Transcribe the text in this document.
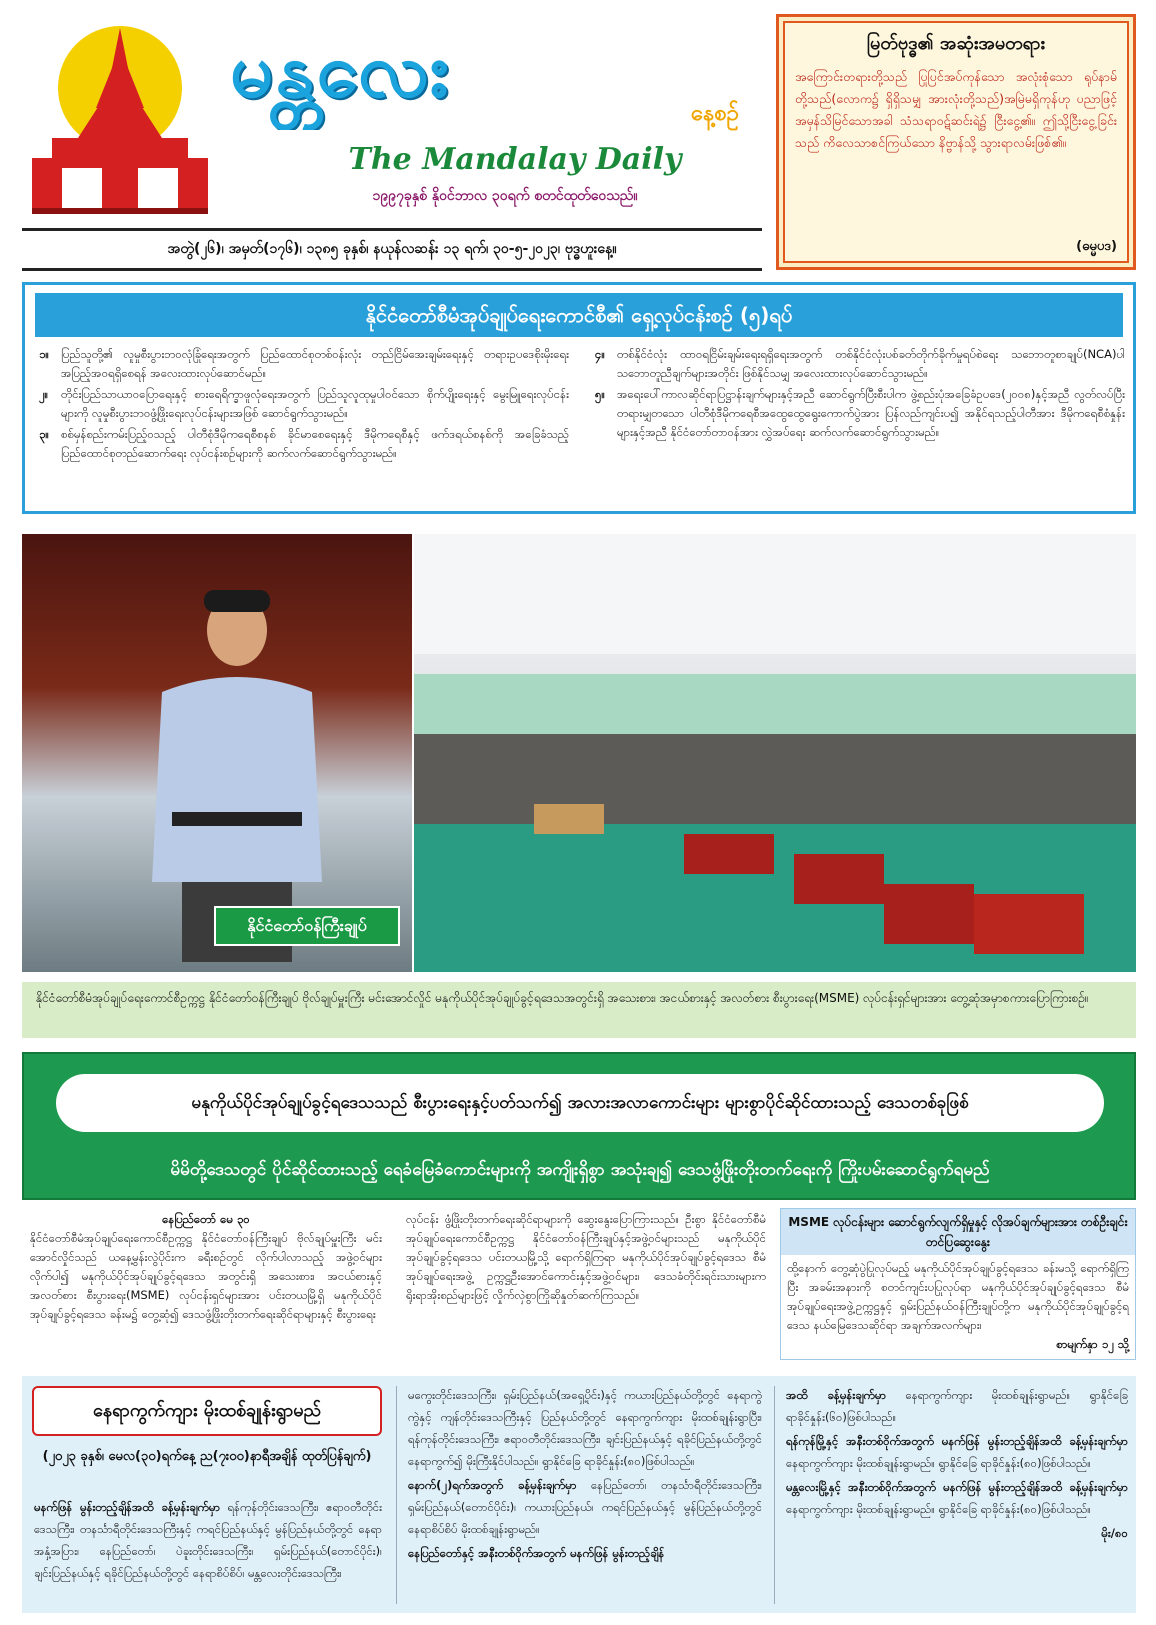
မန္တလေး	နေ့စဉ်
The Mandalay Daily
၁၉၉၇ခုနှစ် နိုဝင်ဘာလ ၃၀ရက် စတင်ထုတ်ဝေသည်။
အတွဲ(၂၆)၊ အမှတ်(၁၇၆)၊ ၁၃၈၅ ခုနှစ်၊ နယုန်လဆန်း ၁၃ ရက်၊ ၃၀-၅-၂၀၂၃၊ ဗုဒ္ဓဟူးနေ့။
မြတ်ဗုဒ္ဓ၏ အဆုံးအမတရား
အကြောင်းတရားတို့သည် ပြုပြင်အပ်ကုန်သော အလုံးစုံသော ရုပ်နာမ်တို့သည်(လောက၌ ရှိရှိသမျှ အားလုံးတို့သည်)အမြဲမရှိကုန်ဟု ပညာဖြင့် အမှန်သိမြင်သောအခါ သံသရာဝဋ်ဆင်းရဲ၌ ငြီးငွေ့၏။ ဤသို့ငြီးငွေ့ခြင်းသည် ကိလေသာစင်ကြယ်သော နိဗ္ဗာန်သို့ သွားရာလမ်းဖြစ်၏။
(ဓမ္မပဒ)
နိုင်ငံတော်စီမံအုပ်ချုပ်ရေးကောင်စီ၏ ရှေ့လုပ်ငန်းစဉ် (၅)ရပ်
၁။	ပြည်သူတို့၏ လူမှုစီးပွားဘဝလုံခြုံရေးအတွက် ပြည်ထောင်စုတစ်ဝန်းလုံး တည်ငြိမ်အေးချမ်းရေးနှင့် တရားဥပဒေစိုးမိုးရေး အပြည့်အဝရရှိစေရန် အလေးထားလုပ်ဆောင်မည်။
၂။	တိုင်းပြည်သာယာဝပြောရေးနှင့် စားရေရိက္ခာဖူလုံရေးအတွက် ပြည်သူလူထုမှုပါဝင်သော စိုက်ပျိုးရေးနှင့် မွေးမြူရေးလုပ်ငန်းများကို လူမှုစီးပွားဘဝဖွံ့ဖြိုးရေးလုပ်ငန်းများအဖြစ် ဆောင်ရွက်သွားမည်။
၃။	စစ်မှန်စည်းကမ်းပြည့်ဝသည့် ပါတီစုံဒီမိုကရေစီစနစ် ခိုင်မာစေရေးနှင့် ဒီမိုကရေစီနှင့် ဖက်ဒရယ်စနစ်ကို အခြေခံသည့် ပြည်ထောင်စုတည်ဆောက်ရေး လုပ်ငန်းစဉ်များကို ဆက်လက်ဆောင်ရွက်သွားမည်။
၄။	တစ်နိုင်ငံလုံး ထာဝရငြိမ်းချမ်းရေးရရှိရေးအတွက် တစ်နိုင်ငံလုံးပစ်ခတ်တိုက်ခိုက်မှုရပ်စဲရေး သဘောတူစာချုပ်(NCA)ပါ သဘောတူညီချက်များအတိုင်း ဖြစ်နိုင်သမျှ အလေးထားလုပ်ဆောင်သွားမည်။
၅။	အရေးပေါ်ကာလဆိုင်ရာပြဋ္ဌာန်းချက်များနှင့်အညီ ဆောင်ရွက်ပြီးစီးပါက ဖွဲ့စည်းပုံအခြေခံဥပဒေ(၂၀၀၈)နှင့်အညီ လွတ်လပ်ပြီး တရားမျှတသော ပါတီစုံဒီမိုကရေစီအထွေထွေရွေးကောက်ပွဲအား ပြန်လည်ကျင်းပ၍ အနိုင်ရသည့်ပါတီအား ဒီမိုကရေစီစံနှုန်းများနှင့်အညီ နိုင်ငံတော်တာဝန်အား လွှဲအပ်ရေး ဆက်လက်ဆောင်ရွက်သွားမည်။
နိုင်ငံတော်ဝန်ကြီးချုပ်
နိုင်ငံတော်စီမံအုပ်ချုပ်ရေးကောင်စီဥက္ကဋ္ဌ နိုင်ငံတော်ဝန်ကြီးချုပ် ဗိုလ်ချုပ်မှူးကြီး မင်းအောင်လှိုင် မနုကိုယ်ပိုင်အုပ်ချုပ်ခွင့်ရဒေသအတွင်းရှိ အသေးစား၊ အငယ်စားနှင့် အလတ်စား စီးပွားရေး(MSME) လုပ်ငန်းရှင်များအား တွေ့ဆုံအမှာစကားပြောကြားစဉ်။
မနုကိုယ်ပိုင်အုပ်ချုပ်ခွင့်ရဒေသသည် စီးပွားရေးနှင့်ပတ်သက်၍ အလားအလာကောင်းများ များစွာပိုင်ဆိုင်ထားသည့် ဒေသတစ်ခုဖြစ်
မိမိတို့ဒေသတွင် ပိုင်ဆိုင်ထားသည့် ရေခံမြေခံကောင်းများကို အကျိုးရှိစွာ အသုံးချ၍ ဒေသဖွံ့ဖြိုးတိုးတက်ရေးကို ကြိုးပမ်းဆောင်ရွက်ရမည်
နေပြည်တော် မေ ၃၀
နိုင်ငံတော်စီမံအုပ်ချုပ်ရေးကောင်စီဥက္ကဋ္ဌ နိုင်ငံတော်ဝန်ကြီးချုပ် ဗိုလ်ချုပ်မှူးကြီး မင်းအောင်လှိုင်သည် ယနေ့မွန်းလွဲပိုင်းက ခရီးစဉ်တွင် လိုက်ပါလာသည့် အဖွဲ့ဝင်များလိုက်ပါ၍ မနုကိုယ်ပိုင်အုပ်ချုပ်ခွင့်ရဒေသ အတွင်းရှိ အသေးစား၊ အငယ်စားနှင့် အလတ်စား စီးပွားရေး(MSME) လုပ်ငန်းရှင်များအား ပင်းတယမြို့ရှိ မနုကိုယ်ပိုင်အုပ်ချုပ်ခွင့်ရဒေသ ခန်းမ၌ တွေ့ဆုံ၍ ဒေသဖွံ့ဖြိုးတိုးတက်ရေးဆိုင်ရာများနှင့် စီးပွားရေး
လုပ်ငန်း ဖွံ့ဖြိုးတိုးတက်ရေးဆိုင်ရာများကို ဆွေးနွေးပြောကြားသည်။ ဦးစွာ နိုင်ငံတော်စီမံအုပ်ချုပ်ရေးကောင်စီဥက္ကဋ္ဌ နိုင်ငံတော်ဝန်ကြီးချုပ်နှင့်အဖွဲ့ဝင်များသည် မနုကိုယ်ပိုင်အုပ်ချုပ်ခွင့်ရဒေသ ပင်းတယမြို့သို့ ရောက်ရှိကြရာ မနုကိုယ်ပိုင်အုပ်ချုပ်ခွင့်ရဒေသ စီမံအုပ်ချုပ်ရေးအဖွဲ့ ဥက္ကဋ္ဌဦးအောင်ကောင်းနှင့်အဖွဲ့ဝင်များ၊ ဒေသခံတိုင်းရင်းသားများက ရိုးရာအိုးစည်များဖြင့် လှိုက်လှဲစွာကြိုဆိုနှုတ်ဆက်ကြသည်။
MSME လုပ်ငန်းများ ဆောင်ရွက်လျက်ရှိမှုနှင့် လိုအပ်ချက်များအား တစ်ဦးချင်း တင်ပြဆွေးနွေး
ထို့နောက် တွေ့ဆုံပွဲပြုလုပ်မည့် မနုကိုယ်ပိုင်အုပ်ချုပ်ခွင့်ရဒေသ ခန်းမသို့ ရောက်ရှိကြပြီး အခမ်းအနားကို စတင်ကျင်းပပြုလုပ်ရာ မနုကိုယ်ပိုင်အုပ်ချုပ်ခွင့်ရဒေသ စီမံအုပ်ချုပ်ရေးအဖွဲ့ဥက္ကဋ္ဌနှင့် ရှမ်းပြည်နယ်ဝန်ကြီးချုပ်တို့က မနုကိုယ်ပိုင်အုပ်ချုပ်ခွင့်ရဒေသ နယ်မြေဒေသဆိုင်ရာ အချက်အလက်များ၊
စာမျက်နှာ ၁၂ သို့
နေရာကွက်ကျား မိုးထစ်ချုန်းရွာမည်
(၂၀၂၃ ခုနှစ်၊ မေလ(၃၀)ရက်နေ့ ည(၇း၀၀)နာရီအချိန် ထုတ်ပြန်ချက်)
မနက်ဖြန် မွန်းတည့်ချိန်အထိ ခန့်မှန်းချက်မှာ ရန်ကုန်တိုင်းဒေသကြီး၊ ဧရာဝတီတိုင်းဒေသကြီး၊ တနင်္သာရီတိုင်းဒေသကြီးနှင့် ကရင်ပြည်နယ်နှင့် မွန်ပြည်နယ်တို့တွင် နေရာအနှံ့အပြား၊ နေပြည်တော်၊ ပဲခူးတိုင်းဒေသကြီး၊ ရှမ်းပြည်နယ်(တောင်ပိုင်း)၊ ချင်းပြည်နယ်နှင့် ရခိုင်ပြည်နယ်တို့တွင် နေရာစိပ်စိပ်၊ မန္တလေးတိုင်းဒေသကြီး၊
မကွေးတိုင်းဒေသကြီး၊ ရှမ်းပြည်နယ်(အရှေ့ပိုင်း)နှင့် ကယားပြည်နယ်တို့တွင် နေရာကွဲကွဲနှင့် ကျန်တိုင်းဒေသကြီးနှင့် ပြည်နယ်တို့တွင် နေရာကွက်ကျား မိုးထစ်ချုန်းရွာပြီး၊ ရန်ကုန်တိုင်းဒေသကြီး၊ ဧရာဝတီတိုင်းဒေသကြီး၊ ချင်းပြည်နယ်နှင့် ရခိုင်ပြည်နယ်တို့တွင် နေရာကွက်၍ မိုးကြီးနိုင်ပါသည်။ ရွာနိုင်ခြေ ရာခိုင်နှုန်း(၈၀)ဖြစ်ပါသည်။
နောက်(၂)ရက်အတွက် ခန့်မှန်းချက်မှာ နေပြည်တော်၊ တနင်္သာရီတိုင်းဒေသကြီး၊ ရှမ်းပြည်နယ်(တောင်ပိုင်း)၊ ကယားပြည်နယ်၊ ကရင်ပြည်နယ်နှင့် မွန်ပြည်နယ်တို့တွင် နေရာစိပ်စိပ် မိုးထစ်ချုန်းရွာမည်။
နေပြည်တော်နှင့် အနီးတစ်ဝိုက်အတွက် မနက်ဖြန် မွန်းတည့်ချိန်
အထိ ခန့်မှန်းချက်မှာ နေရာကွက်ကျား မိုးထစ်ချုန်းရွာမည်။ ရွာနိုင်ခြေ ရာခိုင်နှုန်း(၆၀)ဖြစ်ပါသည်။
ရန်ကုန်မြို့နှင့် အနီးတစ်ဝိုက်အတွက် မနက်ဖြန် မွန်းတည့်ချိန်အထိ ခန့်မှန်းချက်မှာ နေရာကွက်ကျား မိုးထစ်ချုန်းရွာမည်။ ရွာနိုင်ခြေ ရာခိုင်နှုန်း(၈၀)ဖြစ်ပါသည်။
မန္တလေးမြို့နှင့် အနီးတစ်ဝိုက်အတွက် မနက်ဖြန် မွန်းတည့်ချိန်အထိ ခန့်မှန်းချက်မှာ နေရာကွက်ကျား မိုးထစ်ချုန်းရွာမည်။ ရွာနိုင်ခြေ ရာခိုင်နှုန်း(၈၀)ဖြစ်ပါသည်။
မိုး/၈၀
